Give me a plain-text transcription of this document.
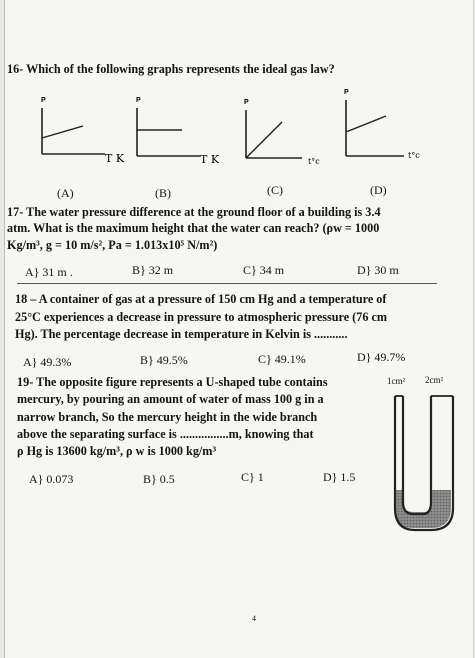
16- Which of the following graphs represents the ideal gas law?
P
T K
P
T K
P
t°c
P
t°c
(A)	(B)	(C)	(D)
17- The water pressure difference at the ground floor of a building is 3.4
atm. What is the maximum height that the water can reach? (ρw = 1000
Kg/m³, g = 10 m/s², Pa = 1.013x10⁵ N/m²)
A} 31 m .	B} 32 m	C} 34 m	D} 30 m
18 – A container of gas at a pressure of 150 cm Hg and a temperature of
25°C experiences a decrease in pressure to atmospheric pressure (76 cm
Hg). The percentage decrease in temperature in Kelvin is ...........
A} 49.3%	B} 49.5%	C} 49.1%	D} 49.7%
19- The opposite figure represents a U-shaped tube contains
mercury, by pouring an amount of water of mass 100 g in a
narrow branch, So the mercury height in the wide branch
above the separating surface is ................m, knowing that
ρ Hg is 13600 kg/m³, ρ w is 1000 kg/m³
A} 0.073	B} 0.5	C} 1	D} 1.5
1cm² 2cm²
4
